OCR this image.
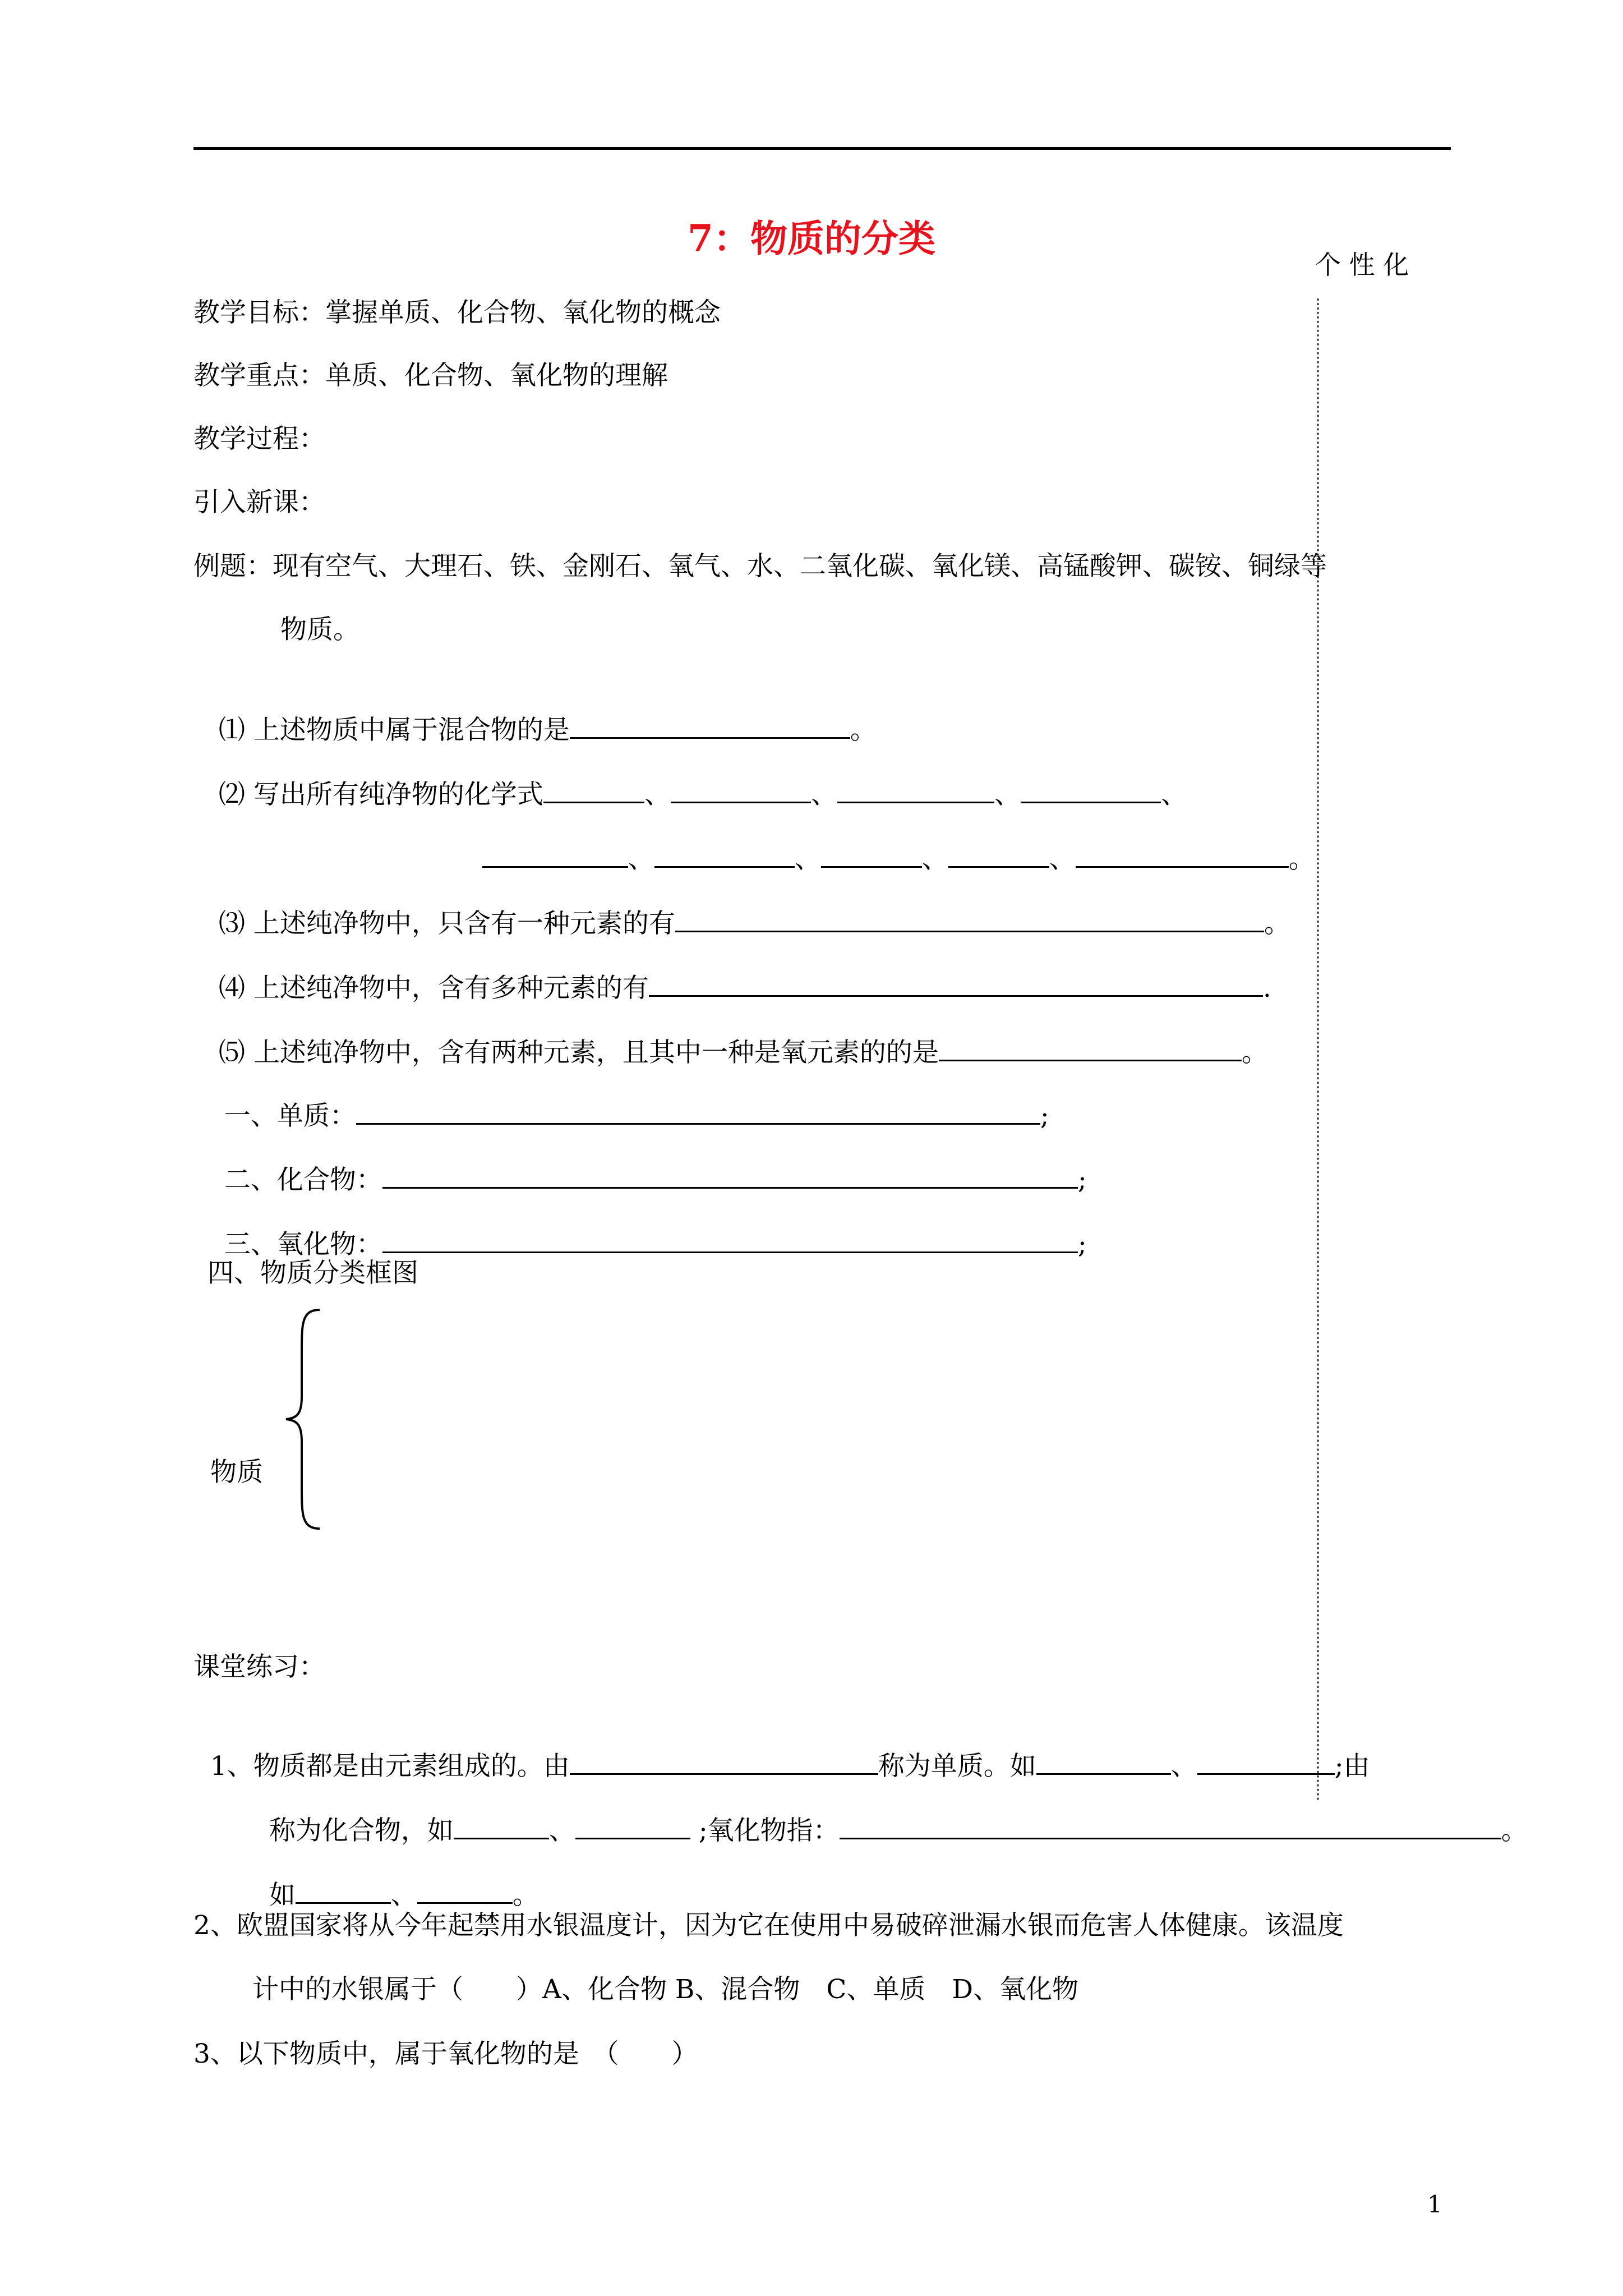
个 性 化
7：物质的分类
教学目标：掌握单质、化合物、氧化物的概念
教学重点：单质、化合物、氧化物的理解
教学过程：
引入新课：
例题：现有空气、大理石、铁、金刚石、氧气、水、二氧化碳、氧化镁、高锰酸钾、碳铵、铜绿等
物质。

⑴ 上述物质中属于混合物的是	。

⑵ 写出所有纯净物的化学式	、	、	、	、

、	、	、	、	。

⑶ 上述纯净物中，只含有一种元素的有	。

⑷ 上述纯净物中，含有多种元素的有	.

⑸ 上述纯净物中，含有两种元素，且其中一种是氧元素的的是	。

一、单质：	;

二、化合物：	;

三、氧化物：	;

四、物质分类框图
物质
课堂练习：

1、物质都是由元素组成的。由	称为单质。如	、	;由

称为化合物，如	、	;氧化物指：	。

如	、	。

2、欧盟国家将从今年起禁用水银温度计，因为它在使用中易破碎泄漏水银而危害人体健康。该温度
计中的水银属于（　　）A、化合物 B、混合物　C、单质　D、氧化物
3、以下物质中，属于氧化物的是　（　　）
1
